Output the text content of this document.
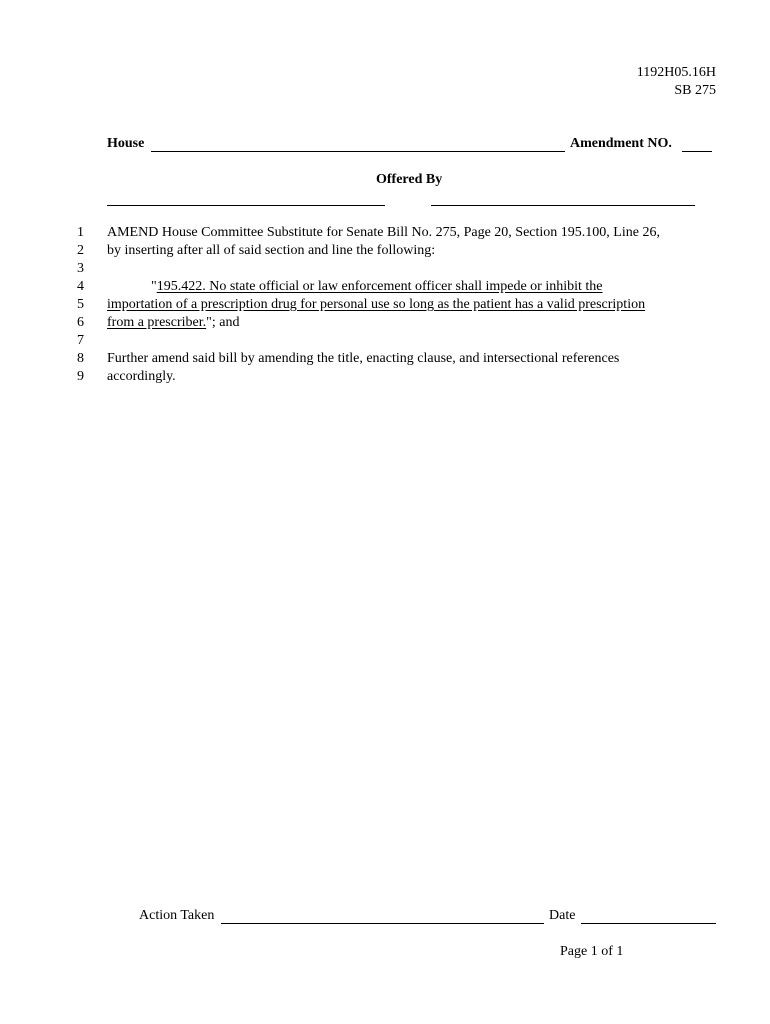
1192H05.16H
SB 275
House	Amendment NO.
Offered By
1
2
3
4
5
6
7
8
9
AMEND House Committee Substitute for Senate Bill No. 275, Page 20, Section 195.100, Line 26,
by inserting after all of said section and line the following:
"195.422. No state official or law enforcement officer shall impede or inhibit the
importation of a prescription drug for personal use so long as the patient has a valid prescription
from a prescriber."; and
Further amend said bill by amending the title, enacting clause, and intersectional references
accordingly.
Action Taken	Date
Page 1 of 1
